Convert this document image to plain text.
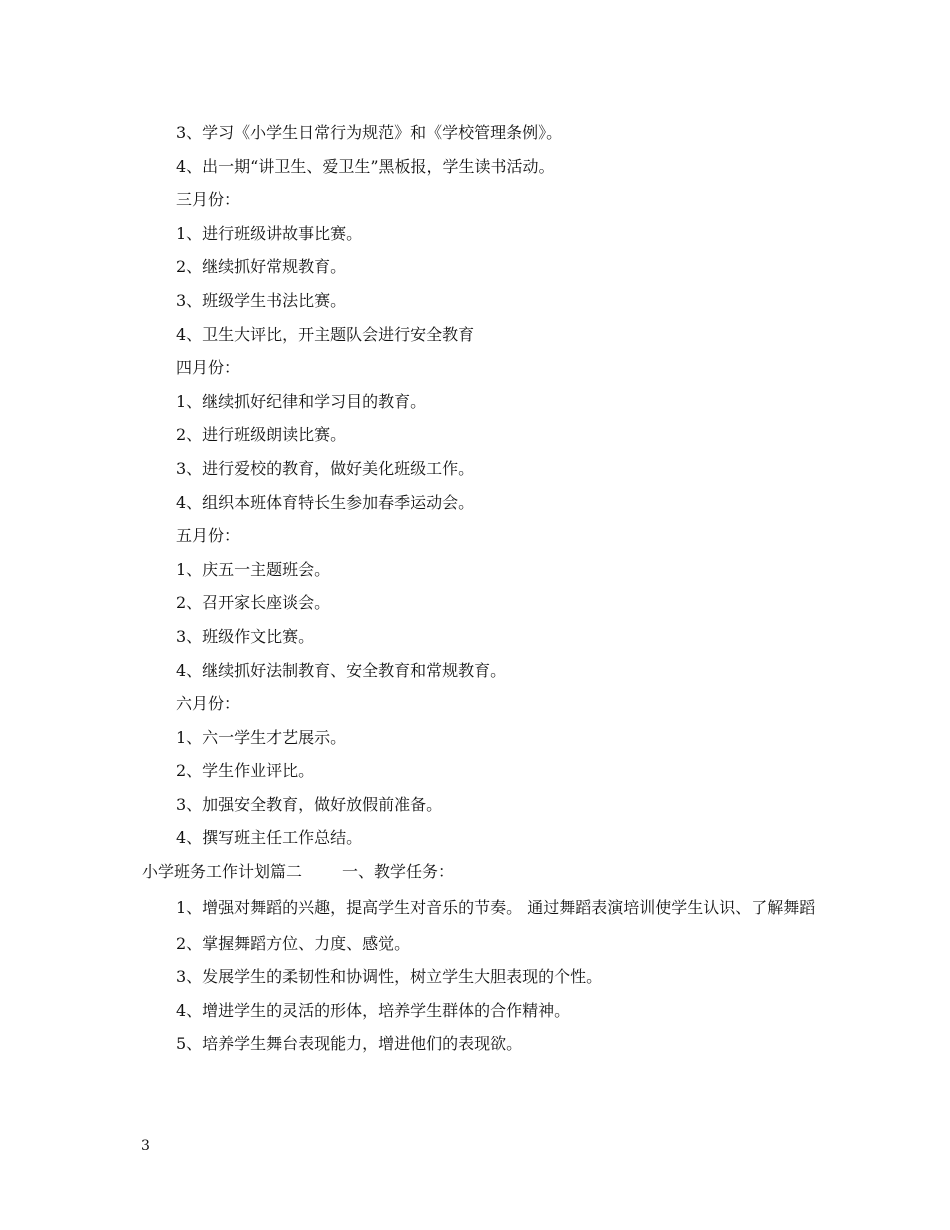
3、学习《小学生日常行为规范》和《学校管理条例》。
4、出一期“讲卫生、爱卫生”黑板报，学生读书活动。
三月份：
1、进行班级讲故事比赛。
2、继续抓好常规教育。
3、班级学生书法比赛。
4、卫生大评比，开主题队会进行安全教育
四月份：
1、继续抓好纪律和学习目的教育。
2、进行班级朗读比赛。
3、进行爱校的教育，做好美化班级工作。
4、组织本班体育特长生参加春季运动会。
五月份：
1、庆五一主题班会。
2、召开家长座谈会。
3、班级作文比赛。
4、继续抓好法制教育、安全教育和常规教育。
六月份：
1、六一学生才艺展示。
2、学生作业评比。
3、加强安全教育，做好放假前准备。
4、撰写班主任工作总结。
小学班务工作计划篇二	一、教学任务：
1、增强对舞蹈的兴趣，提高学生对音乐的节奏。 通过舞蹈表演培训使学生认识、了解舞蹈
2、掌握舞蹈方位、力度、感觉。
3、发展学生的柔韧性和协调性，树立学生大胆表现的个性。
4、增进学生的灵活的形体，培养学生群体的合作精神。
5、培养学生舞台表现能力，增进他们的表现欲。
3
